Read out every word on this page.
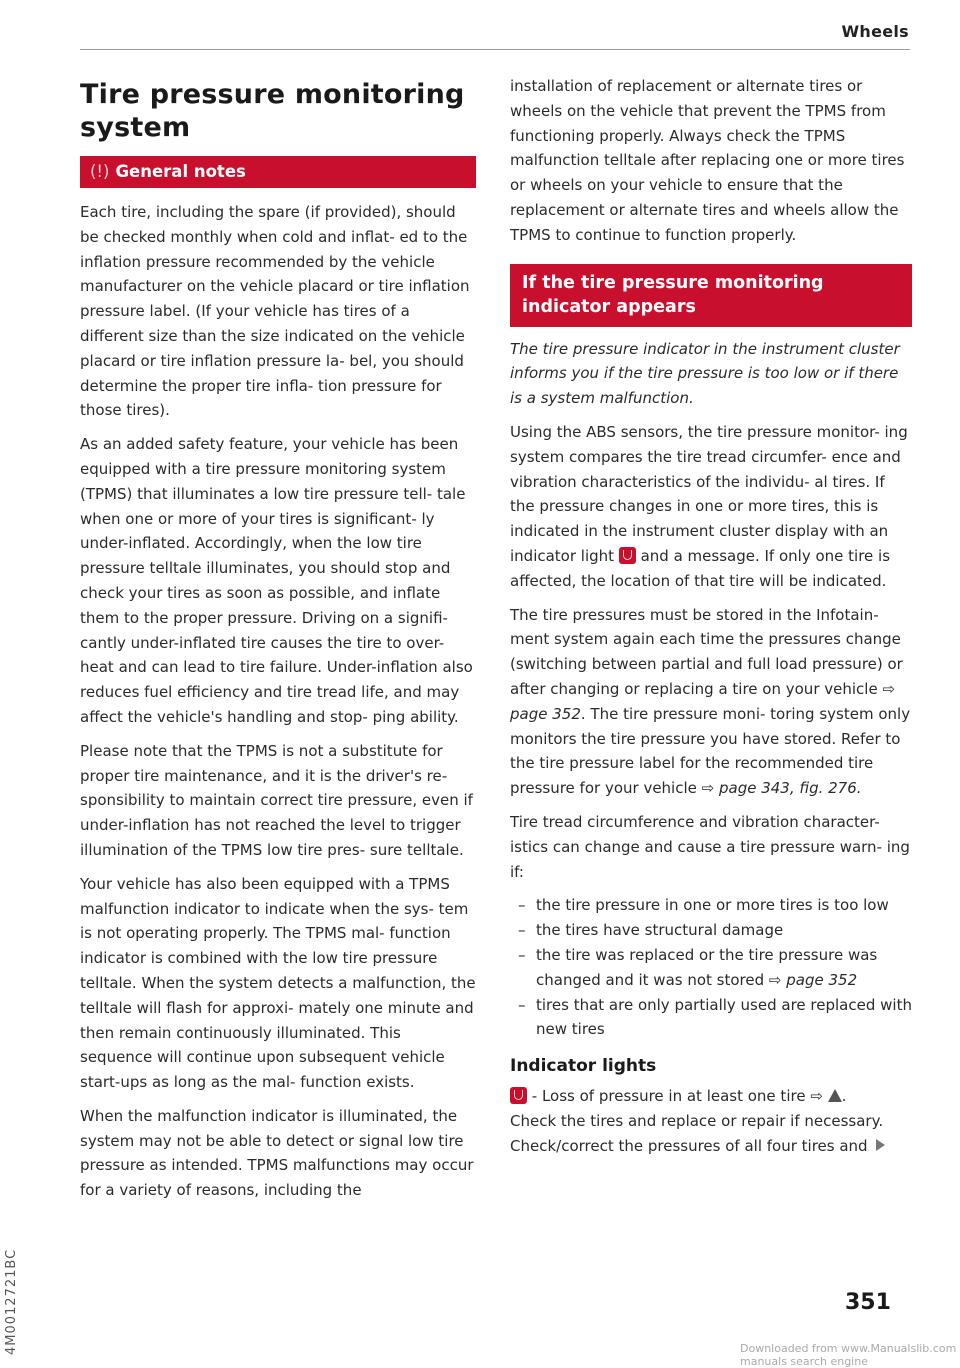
Wheels
Tire pressure monitoring system
(!) General notes

Each tire, including the spare (if provided), should be checked monthly when cold and inflat- ed to the inflation pressure recommended by the vehicle manufacturer on the vehicle placard or tire inflation pressure label. (If your vehicle has tires of a different size than the size indicated on the vehicle placard or tire inflation pressure la- bel, you should determine the proper tire infla- tion pressure for those tires).

As an added safety feature, your vehicle has been equipped with a tire pressure monitoring system (TPMS) that illuminates a low tire pressure tell- tale when one or more of your tires is significant- ly under-inflated. Accordingly, when the low tire pressure telltale illuminates, you should stop and check your tires as soon as possible, and inflate them to the proper pressure. Driving on a signifi- cantly under-inflated tire causes the tire to over- heat and can lead to tire failure. Under-inflation also reduces fuel efficiency and tire tread life, and may affect the vehicle's handling and stop- ping ability.

Please note that the TPMS is not a substitute for proper tire maintenance, and it is the driver's re- sponsibility to maintain correct tire pressure, even if under-inflation has not reached the level to trigger illumination of the TPMS low tire pres- sure telltale.

Your vehicle has also been equipped with a TPMS malfunction indicator to indicate when the sys- tem is not operating properly. The TPMS mal- function indicator is combined with the low tire pressure telltale. When the system detects a malfunction, the telltale will flash for approxi- mately one minute and then remain continuously illuminated. This sequence will continue upon subsequent vehicle start-ups as long as the mal- function exists.

When the malfunction indicator is illuminated, the system may not be able to detect or signal low tire pressure as intended. TPMS malfunctions may occur for a variety of reasons, including the

installation of replacement or alternate tires or wheels on the vehicle that prevent the TPMS from functioning properly. Always check the TPMS malfunction telltale after replacing one or more tires or wheels on your vehicle to ensure that the replacement or alternate tires and wheels allow the TPMS to continue to function properly.

If the tire pressure monitoring indicator appears

The tire pressure indicator in the instrument cluster informs you if the tire pressure is too low or if there is a system malfunction.

Using the ABS sensors, the tire pressure monitor- ing system compares the tire tread circumfer- ence and vibration characteristics of the individu- al tires. If the pressure changes in one or more tires, this is indicated in the instrument cluster display with an indicator light and a message. If only one tire is affected, the location of that tire will be indicated.

The tire pressures must be stored in the Infotain- ment system again each time the pressures change (switching between partial and full load pressure) or after changing or replacing a tire on your vehicle ⇨ page 352. The tire pressure moni- toring system only monitors the tire pressure you have stored. Refer to the tire pressure label for the recommended tire pressure for your vehicle ⇨ page 343, fig. 276.

Tire tread circumference and vibration character- istics can change and cause a tire pressure warn- ing if:

– the tire pressure in one or more tires is too low
– the tires have structural damage
– the tire was replaced or the tire pressure was changed and it was not stored ⇨ page 352
– tires that are only partially used are replaced with new tires
Indicator lights

- Loss of pressure in at least one tire ⇨ .

Check the tires and replace or repair if necessary. Check/correct the pressures of all four tires and

351
4M0012721BC	Downloaded from www.Manualslib.com manuals search engine
